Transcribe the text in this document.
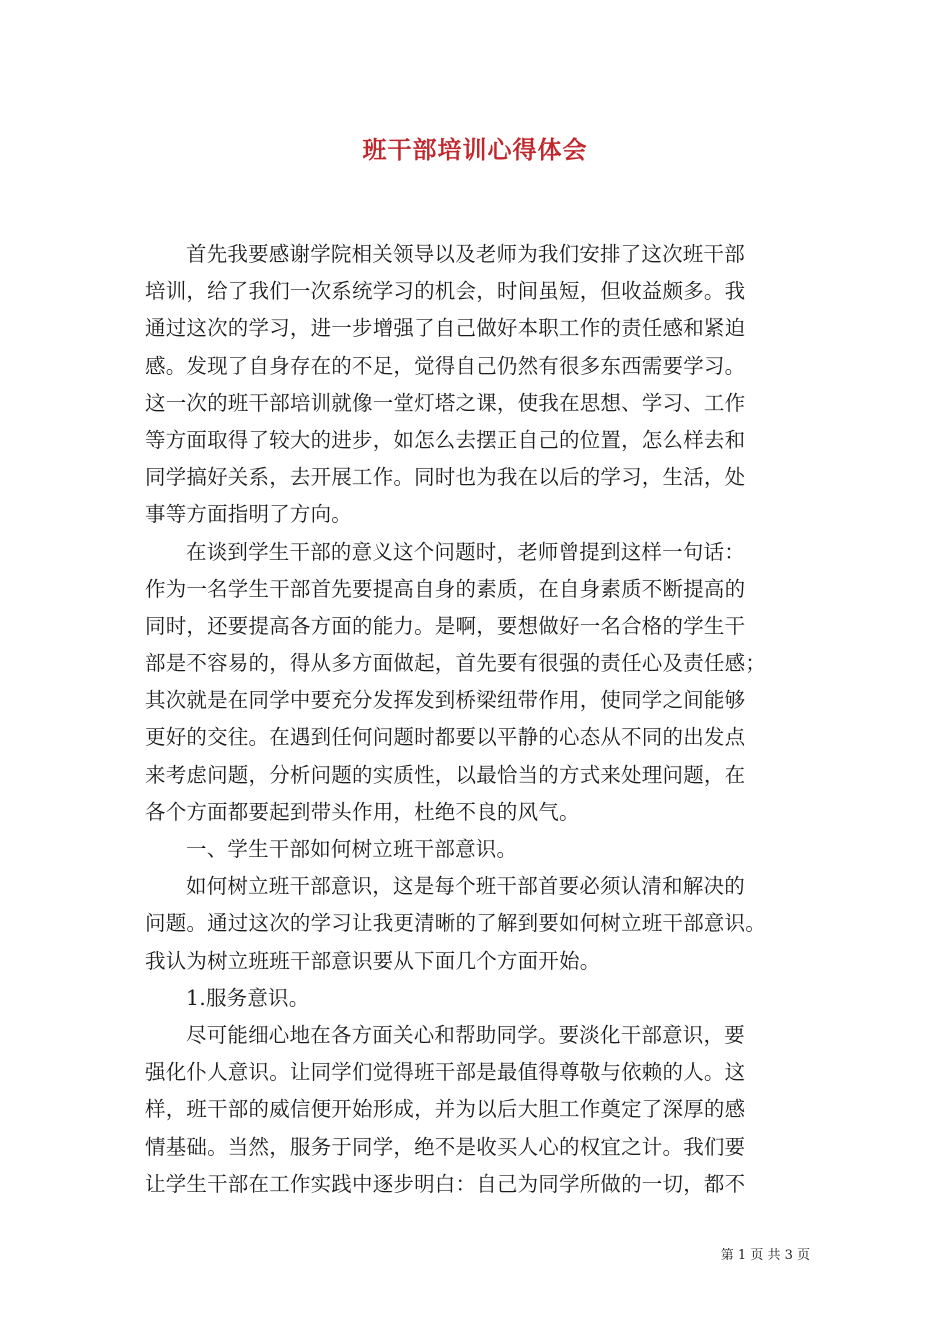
班干部培训心得体会
首先我要感谢学院相关领导以及老师为我们安排了这次班干部
培训，给了我们一次系统学习的机会，时间虽短，但收益颇多。我
通过这次的学习，进一步增强了自己做好本职工作的责任感和紧迫
感。发现了自身存在的不足，觉得自己仍然有很多东西需要学习。
这一次的班干部培训就像一堂灯塔之课，使我在思想、学习、工作
等方面取得了较大的进步，如怎么去摆正自己的位置，怎么样去和
同学搞好关系，去开展工作。同时也为我在以后的学习，生活，处
事等方面指明了方向。
在谈到学生干部的意义这个问题时，老师曾提到这样一句话：
作为一名学生干部首先要提高自身的素质，在自身素质不断提高的
同时，还要提高各方面的能力。是啊，要想做好一名合格的学生干
部是不容易的，得从多方面做起，首先要有很强的责任心及责任感；
其次就是在同学中要充分发挥发到桥梁纽带作用，使同学之间能够
更好的交往。在遇到任何问题时都要以平静的心态从不同的出发点
来考虑问题，分析问题的实质性，以最恰当的方式来处理问题，在
各个方面都要起到带头作用，杜绝不良的风气。
一、学生干部如何树立班干部意识。
如何树立班干部意识，这是每个班干部首要必须认清和解决的
问题。通过这次的学习让我更清晰的了解到要如何树立班干部意识。
我认为树立班班干部意识要从下面几个方面开始。
1.服务意识。
尽可能细心地在各方面关心和帮助同学。要淡化干部意识，要
强化仆人意识。让同学们觉得班干部是最值得尊敬与依赖的人。这
样，班干部的威信便开始形成，并为以后大胆工作奠定了深厚的感
情基础。当然，服务于同学，绝不是收买人心的权宜之计。我们要
让学生干部在工作实践中逐步明白：自己为同学所做的一切，都不
第 1 页 共 3 页
